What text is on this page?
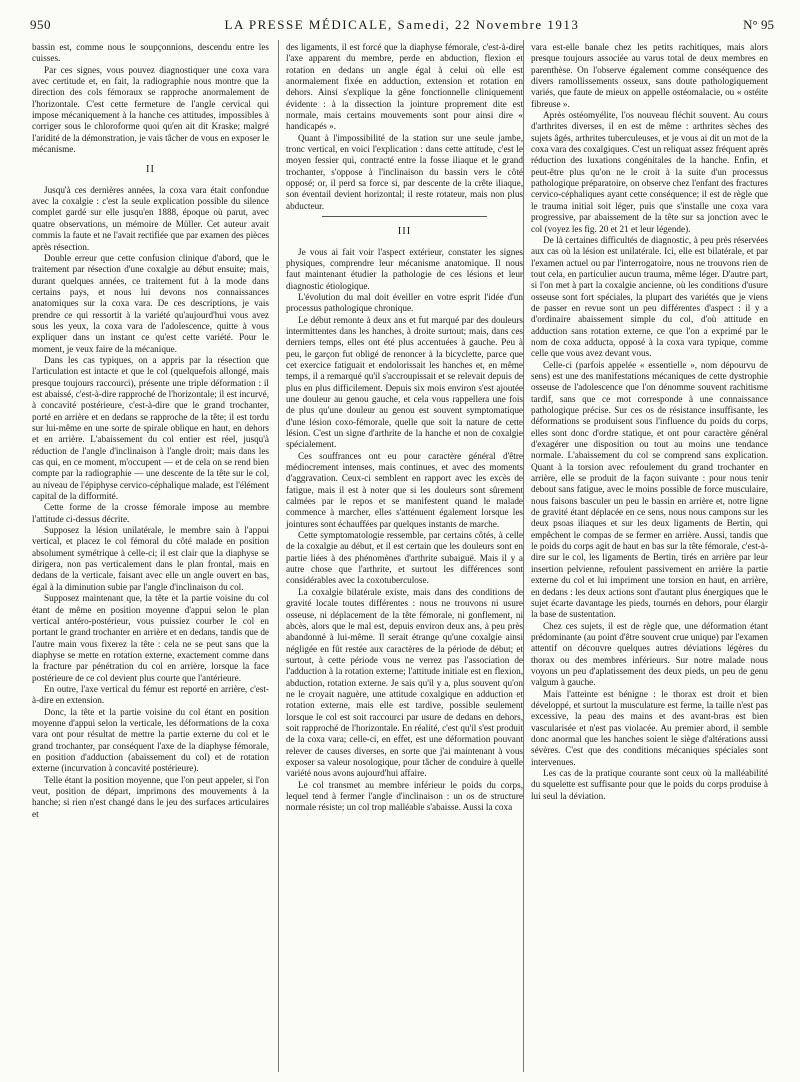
950	LA PRESSE MÉDICALE, Samedi, 22 Novembre 1913	N° 95

bassin est, comme nous le soupçonnions, descendu entre les cuisses.

Par ces signes, vous pouvez diagnostiquer une coxa vara avec certitude et, en fait, la radiographie nous montre que la direction des cols fémoraux se rapproche anormalement de l'horizontale. C'est cette fermeture de l'angle cervical qui impose mécaniquement à la hanche ces attitudes, impossibles à corriger sous le chloroforme quoi qu'en ait dit Kraske; malgré l'aridité de la démonstration, je vais tâcher de vous en exposer le mécanisme.

II

Jusqu'à ces dernières années, la coxa vara était confondue avec la coxalgie : c'est la seule explication possible du silence complet gardé sur elle jusqu'en 1888, époque où parut, avec quatre observations, un mémoire de Müller. Cet auteur avait commis la faute et ne l'avait rectifiée que par examen des pièces après résection.

Double erreur que cette confusion clinique d'abord, que le traitement par résection d'une coxalgie au début ensuite; mais, durant quelques années, ce traitement fut à la mode dans certains pays, et nous lui devons nos connaissances anatomiques sur la coxa vara. De ces descriptions, je vais prendre ce qui ressortit à la variété qu'aujourd'hui vous avez sous les yeux, la coxa vara de l'adolescence, quitte à vous expliquer dans un instant ce qu'est cette variété. Pour le moment, je veux faire de la mécanique.

Dans les cas typiques, on a appris par la résection que l'articulation est intacte et que le col (quelquefois allongé, mais presque toujours raccourci), présente une triple déformation : il est abaissé, c'est-à-dire rapproché de l'horizontale; il est incurvé, à concavité postérieure, c'est-à-dire que le grand trochanter, porté en arrière et en dedans se rapproche de la tête; il est tordu sur lui-même en une sorte de spirale oblique en haut, en dehors et en arrière. L'abaissement du col entier est réel, jusqu'à réduction de l'angle d'inclinaison à l'angle droit; mais dans les cas qui, en ce moment, m'occupent — et de cela on se rend bien compte par la radiographie — une descente de la tête sur le col, au niveau de l'épiphyse cervico-céphalique malade, est l'élément capital de la difformité.

Cette forme de la crosse fémorale impose au membre l'attitude ci-dessus décrite.

Supposez la lésion unilatérale, le membre sain à l'appui vertical, et placez le col fémoral du côté malade en position absolument symétrique à celle-ci; il est clair que la diaphyse se dirigera, non pas verticalement dans le plan frontal, mais en dedans de la verticale, faisant avec elle un angle ouvert en bas, égal à la diminution subie par l'angle d'inclinaison du col.

Supposez maintenant que, la tête et la partie voisine du col étant de même en position moyenne d'appui selon le plan vertical antéro-postérieur, vous puissiez courber le col en portant le grand trochanter en arrière et en dedans, tandis que de l'autre main vous fixerez la tête : cela ne se peut sans que la diaphyse se mette en rotation externe, exactement comme dans la fracture par pénétration du col en arrière, lorsque la face postérieure de ce col devient plus courte que l'antérieure.

En outre, l'axe vertical du fémur est reporté en arrière, c'est-à-dire en extension.

Donc, la tête et la partie voisine du col étant en position moyenne d'appui selon la verticale, les déformations de la coxa vara ont pour résultat de mettre la partie externe du col et le grand trochanter, par conséquent l'axe de la diaphyse fémorale, en position d'adduction (abaissement du col) et de rotation externe (incurvation à concavité postérieure).

Telle étant la position moyenne, que l'on peut appeler, si l'on veut, position de départ, imprimons des mouvements à la hanche; si rien n'est changé dans le jeu des surfaces articulaires et

des ligaments, il est forcé que la diaphyse fémorale, c'est-à-dire l'axe apparent du membre, perde en abduction, flexion et rotation en dedans un angle égal à celui où elle est anormalement fixée en adduction, extension et rotation en dehors. Ainsi s'explique la gêne fonctionnelle cliniquement évidente : à la dissection la jointure proprement dite est normale, mais certains mouvements sont pour ainsi dire « handicapés ».

Quant à l'impossibilité de la station sur une seule jambe, tronc vertical, en voici l'explication : dans cette attitude, c'est le moyen fessier qui, contracté entre la fosse iliaque et le grand trochanter, s'oppose à l'inclinaison du bassin vers le côté opposé; or, il perd sa force si, par descente de la crête iliaque, son éventail devient horizontal; il reste rotateur, mais non plus abducteur.

III

Je vous ai fait voir l'aspect extérieur, constater les signes physiques, comprendre leur mécanisme anatomique. Il nous faut maintenant étudier la pathologie de ces lésions et leur diagnostic étiologique.

L'évolution du mal doit éveiller en votre esprit l'idée d'un processus pathologique chronique.

Le début remonte à deux ans et fut marqué par des douleurs intermittentes dans les hanches, à droite surtout; mais, dans ces derniers temps, elles ont été plus accentuées à gauche. Peu à peu, le garçon fut obligé de renoncer à la bicyclette, parce que cet exercice fatiguait et endolorissait les hanches et, en même temps, il a remarqué qu'il s'accroupissait et se relevait depuis de plus en plus difficilement. Depuis six mois environ s'est ajoutée une douleur au genou gauche, et cela vous rappellera une fois de plus qu'une douleur au genou est souvent symptomatique d'une lésion coxo-fémorale, quelle que soit la nature de cette lésion. C'est un signe d'arthrite de la hanche et non de coxalgie spécialement.

Ces souffrances ont eu pour caractère général d'être médiocrement intenses, mais continues, et avec des moments d'aggravation. Ceux-ci semblent en rapport avec les excès de fatigue, mais il est à noter que si les douleurs sont sûrement calmées par le repos et se manifestent quand le malade commence à marcher, elles s'atténuent également lorsque les jointures sont échauffées par quelques instants de marche.

Cette symptomatologie ressemble, par certains côtés, à celle de la coxalgie au début, et il est certain que les douleurs sont en partie liées à des phénomènes d'arthrite subaiguë. Mais il y a autre chose que l'arthrite, et surtout les différences sont considérables avec la coxotuberculose.

La coxalgie bilatérale existe, mais dans des conditions de gravité locale toutes différentes : nous ne trouvons ni usure osseuse, ni déplacement de la tête fémorale, ni gonflement, ni abcès, alors que le mal est, depuis environ deux ans, à peu près abandonné à lui-même. Il serait étrange qu'une coxalgie ainsi négligée en fût restée aux caractères de la période de début; et surtout, à cette période vous ne verrez pas l'association de l'adduction à la rotation externe; l'attitude initiale est en flexion, abduction, rotation externe. Je sais qu'il y a, plus souvent qu'on ne le croyait naguère, une attitude coxalgique en adduction et rotation externe, mais elle est tardive, possible seulement lorsque le col est soit raccourci par usure de dedans en dehors, soit rapproché de l'horizontale. En réalité, c'est qu'il s'est produit de la coxa vara; celle-ci, en effet, est une déformation pouvant relever de causes diverses, en sorte que j'ai maintenant à vous exposer sa valeur nosologique, pour tâcher de conduire à quelle variété nous avons aujourd'hui affaire.

Le col transmet au membre inférieur le poids du corps, lequel tend à fermer l'angle d'inclinaison : un os de structure normale résiste; un col trop malléable s'abaisse. Aussi la coxa

vara est-elle banale chez les petits rachitiques, mais alors presque toujours associée au varus total de deux membres en parenthèse. On l'observe également comme conséquence des divers ramollissements osseux, sans doute pathologiquement variés, que faute de mieux on appelle ostéomalacie, ou « ostéite fibreuse ».

Après ostéomyélite, l'os nouveau fléchit souvent. Au cours d'arthrites diverses, il en est de même : arthrites sèches des sujets âgés, arthrites tuberculeuses, et je vous ai dit un mot de la coxa vara des coxalgiques. C'est un reliquat assez fréquent après réduction des luxations congénitales de la hanche. Enfin, et peut-être plus qu'on ne le croit à la suite d'un processus pathologique préparatoire, on observe chez l'enfant des fractures cervico-céphaliques ayant cette conséquence; il est de règle que le trauma initial soit léger, puis que s'installe une coxa vara progressive, par abaissement de la tête sur sa jonction avec le col (voyez les fig. 20 et 21 et leur légende).

De là certaines difficultés de diagnostic, à peu près réservées aux cas où la lésion est unilatérale. Ici, elle est bilatérale, et par l'examen actuel ou par l'interrogatoire, nous ne trouvons rien de tout cela, en particulier aucun trauma, même léger. D'autre part, si l'on met à part la coxalgie ancienne, où les conditions d'usure osseuse sont fort spéciales, la plupart des variétés que je viens de passer en revue sont un peu différentes d'aspect : il y a d'ordinaire abaissement simple du col, d'où attitude en adduction sans rotation externe, ce que l'on a exprimé par le nom de coxa adducta, opposé à la coxa vara typique, comme celle que vous avez devant vous.

Celle-ci (parfois appelée « essentielle », nom dépourvu de sens) est une des manifestations mécaniques de cette dystrophie osseuse de l'adolescence que l'on dénomme souvent rachitisme tardif, sans que ce mot corresponde à une connaissance pathologique précise. Sur ces os de résistance insuffisante, les déformations se produisent sous l'influence du poids du corps, elles sont donc d'ordre statique, et ont pour caractère général d'exagérer une disposition ou tout au moins une tendance normale. L'abaissement du col se comprend sans explication. Quant à la torsion avec refoulement du grand trochanter en arrière, elle se produit de la façon suivante : pour nous tenir debout sans fatigue, avec le moins possible de force musculaire, nous faisons basculer un peu le bassin en arrière et, notre ligne de gravité étant déplacée en ce sens, nous nous campons sur les deux psoas iliaques et sur les deux ligaments de Bertin, qui empêchent le compas de se fermer en arrière. Aussi, tandis que le poids du corps agit de haut en bas sur la tête fémorale, c'est-à-dire sur le col, les ligaments de Bertin, tirés en arrière par leur insertion pelvienne, refoulent passivement en arrière la partie externe du col et lui impriment une torsion en haut, en arrière, en dedans : les deux actions sont d'autant plus énergiques que le sujet écarte davantage les pieds, tournés en dehors, pour élargir la base de sustentation.

Chez ces sujets, il est de règle que, une déformation étant prédominante (au point d'être souvent crue unique) par l'examen attentif on découvre quelques autres déviations légères du thorax ou des membres inférieurs. Sur notre malade nous voyons un peu d'aplatissement des deux pieds, un peu de genu valgum à gauche.

Mais l'atteinte est bénigne : le thorax est droit et bien développé, et surtout la musculature est ferme, la taille n'est pas excessive, la peau des mains et des avant-bras est bien vascularisée et n'est pas violacée. Au premier abord, il semble donc anormal que les hanches soient le siège d'altérations aussi sévères. C'est que des conditions mécaniques spéciales sont intervenues.

Les cas de la pratique courante sont ceux où la malléabilité du squelette est suffisante pour que le poids du corps produise à lui seul la déviation.
